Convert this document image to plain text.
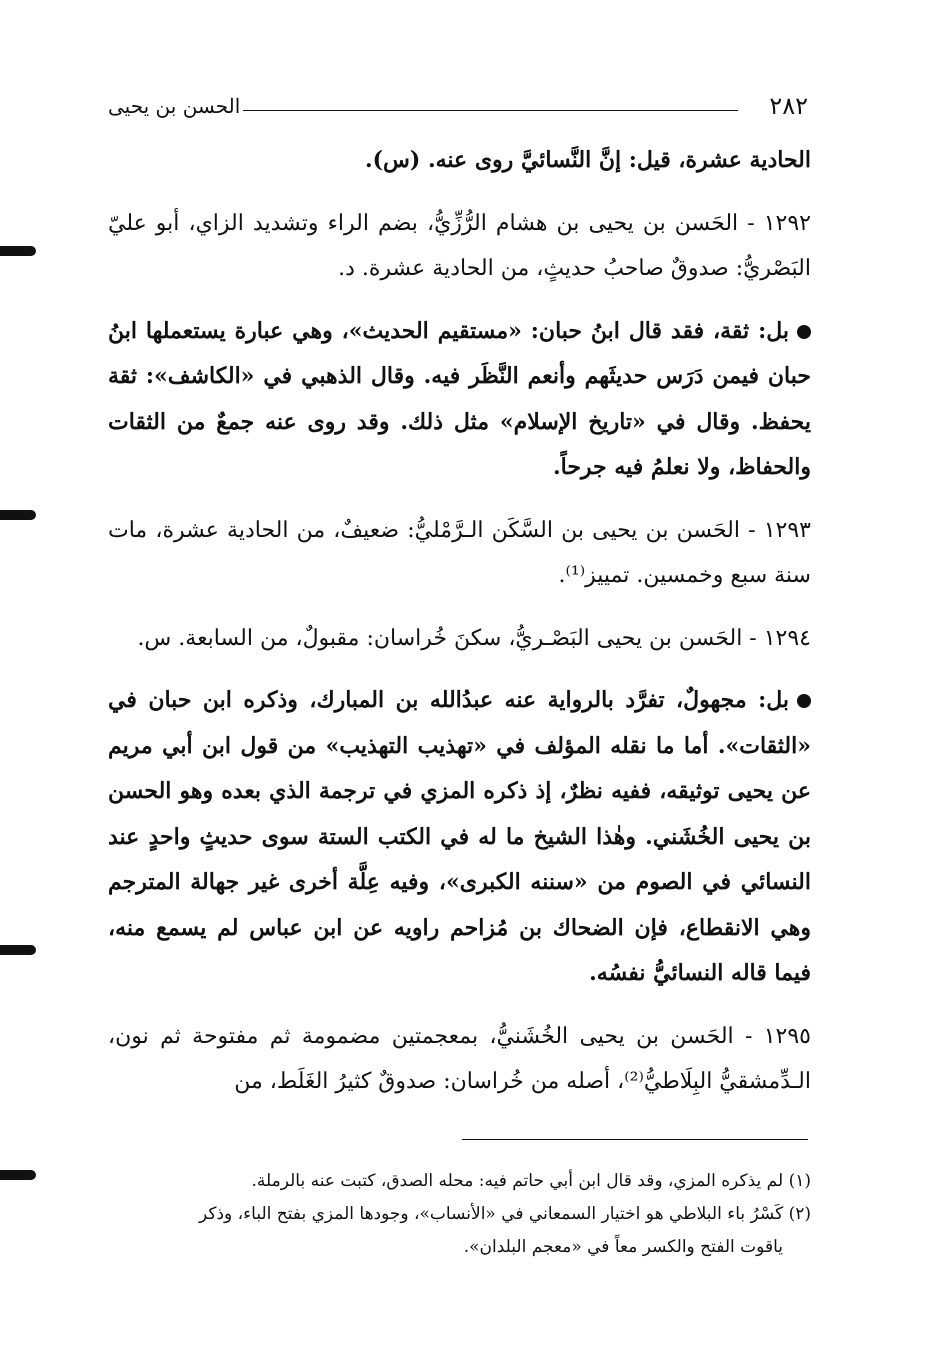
٢٨٢
الحسن بن يحيى

الحادية عشرة، قيل: إنَّ النَّسائيَّ روى عنه. (س).

١٢٩٢ - الحَسن بن يحيى بن هشام الرُّزِّيُّ، بضم الراء وتشديد الزاي، أبو عليّ البَصْريُّ: صدوقٌ صاحبُ حديثٍ، من الحادية عشرة. د.

بل: ثقة، فقد قال ابنُ حبان: «مستقيم الحديث»، وهي عبارة يستعملها ابنُ حبان فيمن دَرَس حديثَهم وأنعم النَّظَر فيه. وقال الذهبي في «الكاشف»: ثقة يحفظ. وقال في «تاريخ الإسلام» مثل ذلك. وقد روى عنه جمعٌ من الثقات والحفاظ، ولا نعلمُ فيه جرحاً.

١٢٩٣ - الحَسن بن يحيى بن السَّكَن الـرَّمْليُّ: ضعيفٌ، من الحادية عشرة، مات سنة سبع وخمسين. تمييز⁽¹⁾.

١٢٩٤ - الحَسن بن يحيى البَصْـريُّ، سكنَ خُراسان: مقبولٌ، من السابعة. س.

بل: مجهولٌ، تفرَّد بالرواية عنه عبدُالله بن المبارك، وذكره ابن حبان في «الثقات». أما ما نقله المؤلف في «تهذيب التهذيب» من قول ابن أبي مريم عن يحيى توثيقه، ففيه نظرٌ، إذ ذكره المزي في ترجمة الذي بعده وهو الحسن بن يحيى الخُشَني. وهٰذا الشيخ ما له في الكتب الستة سوى حديثٍ واحدٍ عند النسائي في الصوم من «سننه الكبرى»، وفيه عِلَّة أخرى غير جهالة المترجم وهي الانقطاع، فإن الضحاك بن مُزاحم راويه عن ابن عباس لم يسمع منه، فيما قاله النسائيُّ نفسُه.

١٢٩٥ - الحَسن بن يحيى الخُشَنيُّ، بمعجمتين مضمومة ثم مفتوحة ثم نون، الـدِّمشقيُّ البِلَاطيُّ⁽²⁾، أصله من خُراسان: صدوقٌ كثيرُ الغَلَط، من

(١) لم يذكره المزي، وقد قال ابن أبي حاتم فيه: محله الصدق، كتبت عنه بالرملة.

(٢) كَسْرُ باء البلاطي هو اختيار السمعاني في «الأنساب»، وجودها المزي بفتح الباء، وذكر

ياقوت الفتح والكسر معاً في «معجم البلدان».
